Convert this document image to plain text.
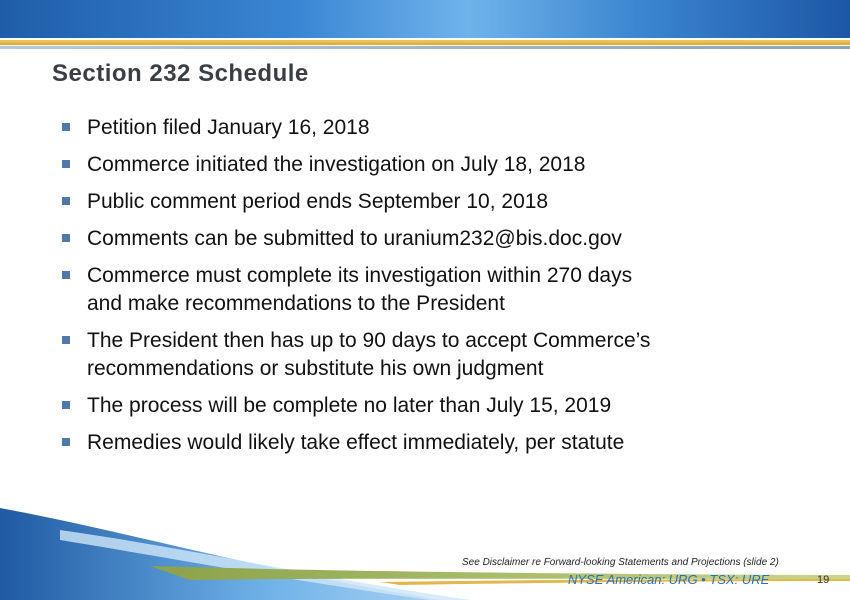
Section 232 Schedule
Petition filed January 16, 2018
Commerce initiated the investigation on July 18, 2018
Public comment period ends September 10, 2018
Comments can be submitted to uranium232@bis.doc.gov
Commerce must complete its investigation within 270 days
and make recommendations to the President
The President then has up to 90 days to accept Commerce’s
recommendations or substitute his own judgment
The process will be complete no later than July 15, 2019
Remedies would likely take effect immediately, per statute
See Disclaimer re Forward-looking Statements and Projections (slide 2)
NYSE American: URG • TSX: URE	19
